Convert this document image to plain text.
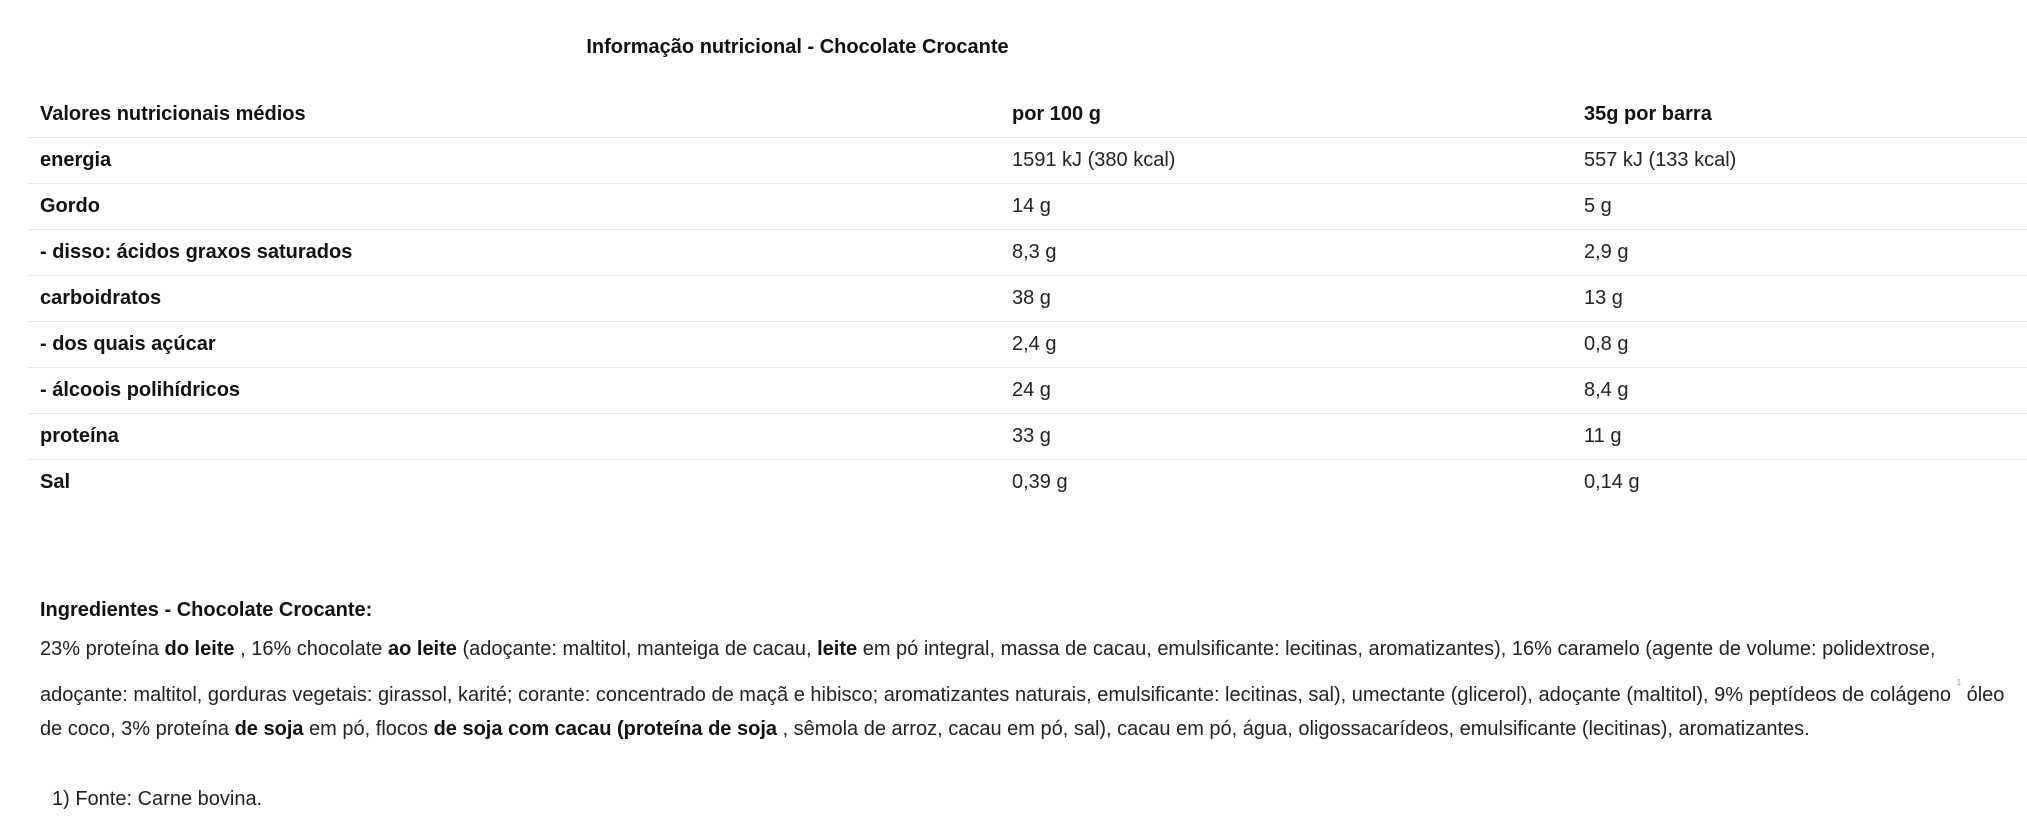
Informação nutricional - Chocolate Crocante
Valores nutricionais médios	por 100 g	35g por barra
energia	1591 kJ (380 kcal)	557 kJ (133 kcal)
Gordo	14 g	5 g
- disso: ácidos graxos saturados	8,3 g	2,9 g
carboidratos	38 g	13 g
- dos quais açúcar	2,4 g	0,8 g
- álcoois polihídricos	24 g	8,4 g
proteína	33 g	11 g
Sal	0,39 g	0,14 g

Ingredientes - Chocolate Crocante:

23% proteína do leite , 16% chocolate ao leite (adoçante: maltitol, manteiga de cacau, leite em pó integral, massa de cacau, emulsificante: lecitinas, aromatizantes), 16% caramelo (agente de volume: polidextrose, adoçante: maltitol, gorduras vegetais: girassol, karité; corante: concentrado de maçã e hibisco; aromatizantes naturais, emulsificante: lecitinas, sal), umectante (glicerol), adoçante (maltitol), 9% peptídeos de colágeno $^1$ óleo de coco, 3% proteína de soja em pó, flocos de soja com cacau (proteína de soja , sêmola de arroz, cacau em pó, sal), cacau em pó, água, oligossacarídeos, emulsificante (lecitinas), aromatizantes.

1) Fonte: Carne bovina.
